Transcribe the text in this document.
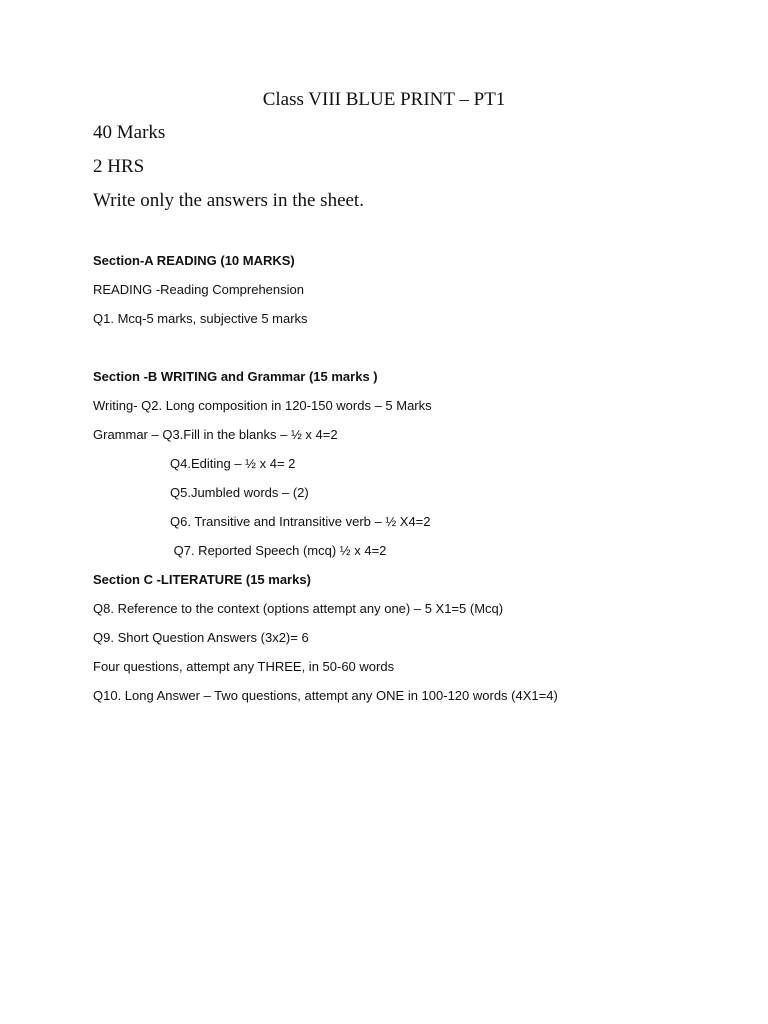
Class VIII BLUE PRINT – PT1
40 Marks
2 HRS
Write only the answers in the sheet.
Section-A READING (10 MARKS)
READING -Reading Comprehension
Q1. Mcq-5 marks, subjective 5 marks
Section -B WRITING and Grammar (15 marks )
Writing- Q2. Long composition in 120-150 words – 5 Marks
Grammar – Q3.Fill in the blanks – ½ x 4=2
Q4.Editing – ½ x 4= 2
Q5.Jumbled words – (2)
Q6. Transitive and Intransitive verb – ½ X4=2
Q7. Reported Speech (mcq) ½ x 4=2
Section C -LITERATURE (15 marks)
Q8. Reference to the context (options attempt any one) – 5 X1=5 (Mcq)
Q9. Short Question Answers (3x2)= 6
Four questions, attempt any THREE, in 50-60 words
Q10. Long Answer – Two questions, attempt any ONE in 100-120 words (4X1=4)
